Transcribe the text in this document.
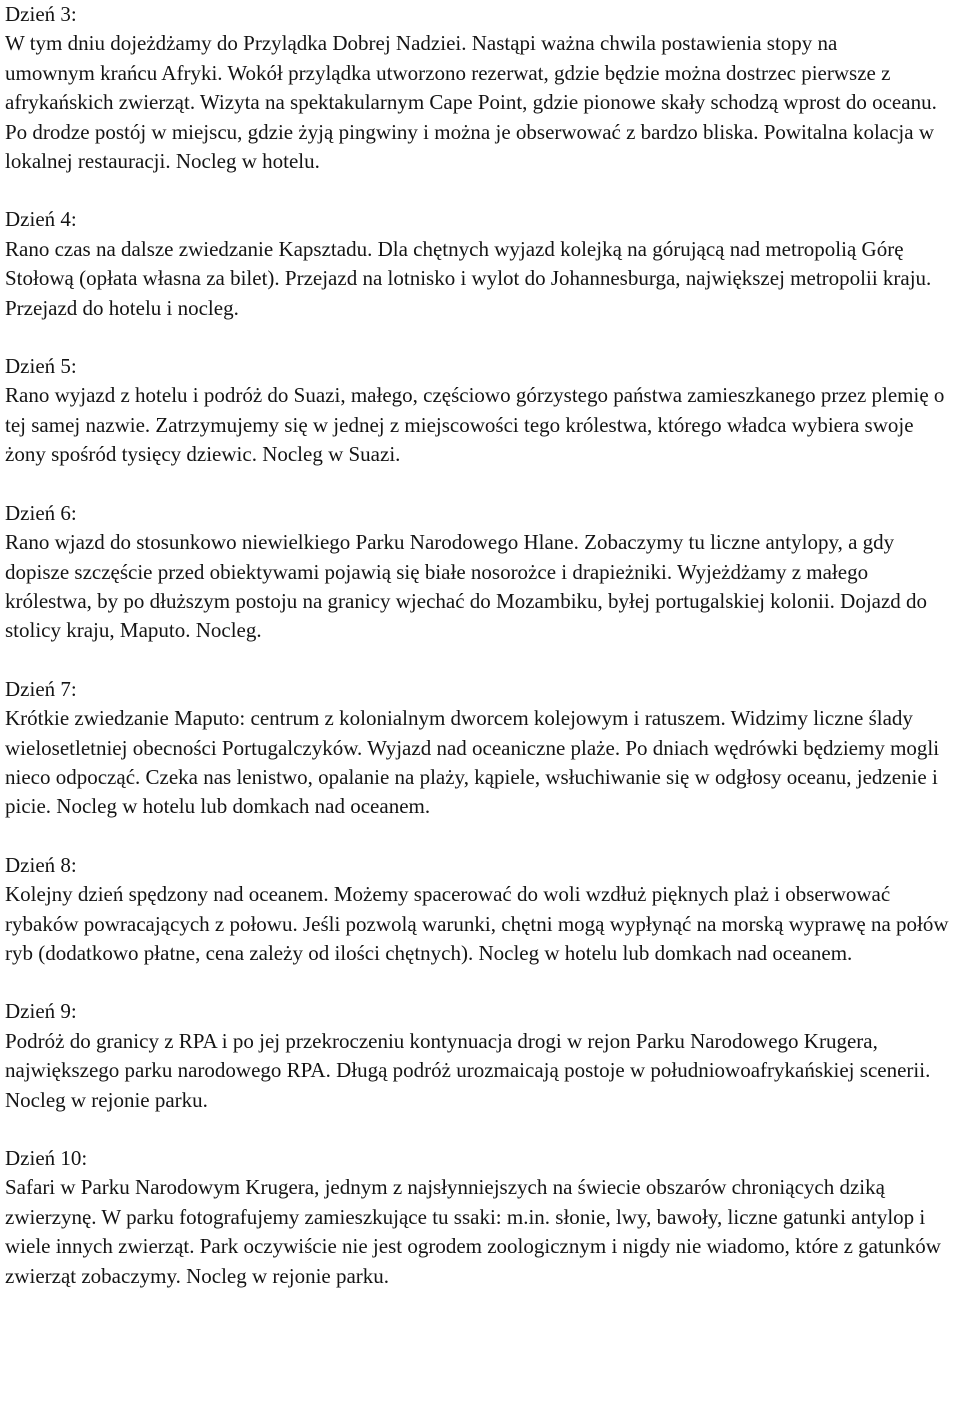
Dzień 3:
W tym dniu dojeżdżamy do Przylądka Dobrej Nadziei. Nastąpi ważna chwila postawienia stopy na
umownym krańcu Afryki. Wokół przylądka utworzono rezerwat, gdzie będzie można dostrzec pierwsze z afrykańskich zwierząt. Wizyta na spektakularnym Cape Point, gdzie pionowe skały schodzą wprost do oceanu. Po drodze postój w miejscu, gdzie żyją pingwiny i można je obserwować z bardzo bliska. Powitalna kolacja w lokalnej restauracji. Nocleg w hotelu.
Dzień 4:
Rano czas na dalsze zwiedzanie Kapsztadu. Dla chętnych wyjazd kolejką na górującą nad metropolią Górę Stołową (opłata własna za bilet). Przejazd na lotnisko i wylot do Johannesburga, największej metropolii kraju. Przejazd do hotelu i nocleg.
Dzień 5:
Rano wyjazd z hotelu i podróż do Suazi, małego, częściowo górzystego państwa zamieszkanego przez plemię o tej samej nazwie. Zatrzymujemy się w jednej z miejscowości tego królestwa, którego władca wybiera swoje żony spośród tysięcy dziewic. Nocleg w Suazi.
Dzień 6:
Rano wjazd do stosunkowo niewielkiego Parku Narodowego Hlane. Zobaczymy tu liczne antylopy, a gdy dopisze szczęście przed obiektywami pojawią się białe nosorożce i drapieżniki. Wyjeżdżamy z małego królestwa, by po dłuższym postoju na granicy wjechać do Mozambiku, byłej portugalskiej kolonii. Dojazd do stolicy kraju, Maputo. Nocleg.
Dzień 7:
Krótkie zwiedzanie Maputo: centrum z kolonialnym dworcem kolejowym i ratuszem. Widzimy liczne ślady wielosetletniej obecności Portugalczyków. Wyjazd nad oceaniczne plaże. Po dniach wędrówki będziemy mogli nieco odpocząć. Czeka nas lenistwo, opalanie na plaży, kąpiele, wsłuchiwanie się w odgłosy oceanu, jedzenie i picie. Nocleg w hotelu lub domkach nad oceanem.
Dzień 8:
Kolejny dzień spędzony nad oceanem. Możemy spacerować do woli wzdłuż pięknych plaż i obserwować rybaków powracających z połowu. Jeśli pozwolą warunki, chętni mogą wypłynąć na morską wyprawę na połów ryb (dodatkowo płatne, cena zależy od ilości chętnych). Nocleg w hotelu lub domkach nad oceanem.
Dzień 9:
Podróż do granicy z RPA i po jej przekroczeniu kontynuacja drogi w rejon Parku Narodowego Krugera, największego parku narodowego RPA. Długą podróż urozmaicają postoje w południowoafrykańskiej scenerii. Nocleg w rejonie parku.
Dzień 10:
Safari w Parku Narodowym Krugera, jednym z najsłynniejszych na świecie obszarów chroniących dziką zwierzynę. W parku fotografujemy zamieszkujące tu ssaki: m.in. słonie, lwy, bawoły, liczne gatunki antylop i wiele innych zwierząt. Park oczywiście nie jest ogrodem zoologicznym i nigdy nie wiadomo, które z gatunków zwierząt zobaczymy. Nocleg w rejonie parku.
